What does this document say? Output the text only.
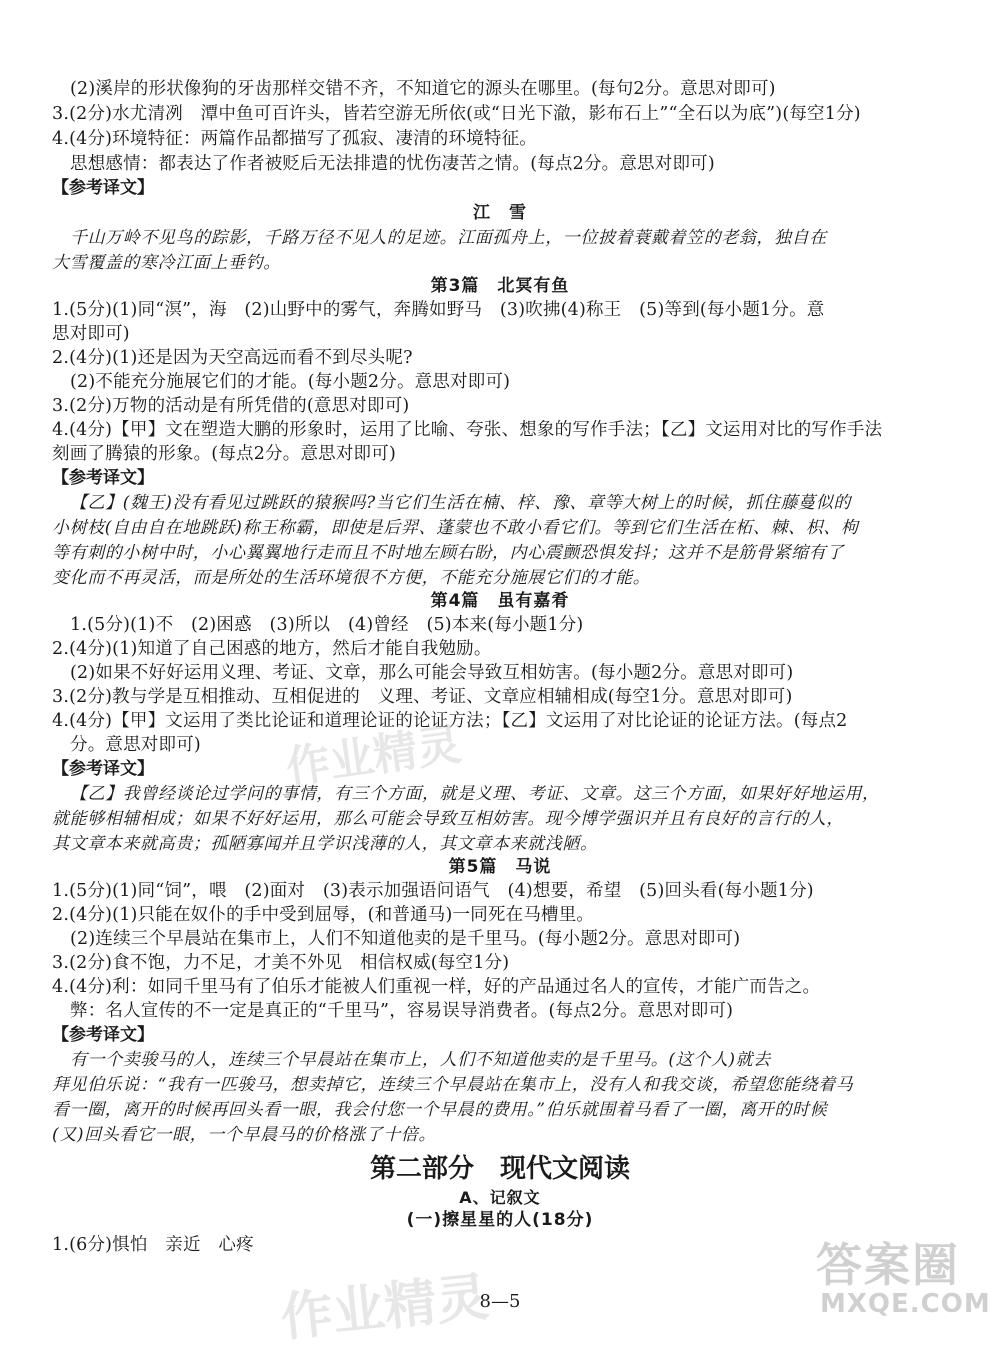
(2)溪岸的形状像狗的牙齿那样交错不齐，不知道它的源头在哪里。(每句2分。意思对即可)
3.(2分)水尤清冽　潭中鱼可百许头，皆若空游无所依(或“日光下澈，影布石上”“全石以为底”)(每空1分)
4.(4分)环境特征：两篇作品都描写了孤寂、凄清的环境特征。
思想感情：都表达了作者被贬后无法排遣的忧伤凄苦之情。(每点2分。意思对即可)
【参考译文】
江　雪
千山万岭不见鸟的踪影，千路万径不见人的足迹。江面孤舟上，一位披着蓑戴着笠的老翁，独自在
大雪覆盖的寒冷江面上垂钓。
第3篇　北冥有鱼
1.(5分)(1)同“溟”，海　(2)山野中的雾气，奔腾如野马　(3)吹拂(4)称王　(5)等到(每小题1分。意
思对即可)
2.(4分)(1)还是因为天空高远而看不到尽头呢?
(2)不能充分施展它们的才能。(每小题2分。意思对即可)
3.(2分)万物的活动是有所凭借的(意思对即可)
4.(4分)【甲】文在塑造大鹏的形象时，运用了比喻、夸张、想象的写作手法；【乙】文运用对比的写作手法
刻画了腾猿的形象。(每点2分。意思对即可)
【参考译文】
【乙】(魏王)没有看见过跳跃的猿猴吗?当它们生活在楠、梓、豫、章等大树上的时候，抓住藤蔓似的
小树枝(自由自在地跳跃)称王称霸，即使是后羿、蓬蒙也不敢小看它们。等到它们生活在柘、棘、枳、枸
等有刺的小树中时，小心翼翼地行走而且不时地左顾右盼，内心震颤恐惧发抖；这并不是筋骨紧缩有了
变化而不再灵活，而是所处的生活环境很不方便，不能充分施展它们的才能。
第4篇　虽有嘉肴
1.(5分)(1)不　(2)困惑　(3)所以　(4)曾经　(5)本来(每小题1分)
2.(4分)(1)知道了自己困惑的地方，然后才能自我勉励。
(2)如果不好好运用义理、考证、文章，那么可能会导致互相妨害。(每小题2分。意思对即可)
3.(2分)教与学是互相推动、互相促进的　义理、考证、文章应相辅相成(每空1分。意思对即可)
4.(4分)【甲】文运用了类比论证和道理论证的论证方法；【乙】文运用了对比论证的论证方法。(每点2
分。意思对即可)
【参考译文】
【乙】我曾经谈论过学问的事情，有三个方面，就是义理、考证、文章。这三个方面，如果好好地运用，
就能够相辅相成；如果不好好运用，那么可能会导致互相妨害。现今博学强识并且有良好的言行的人，
其文章本来就高贵；孤陋寡闻并且学识浅薄的人，其文章本来就浅陋。
第5篇　马说
1.(5分)(1)同“饲”，喂　(2)面对　(3)表示加强语问语气　(4)想要，希望　(5)回头看(每小题1分)
2.(4分)(1)只能在奴仆的手中受到屈辱，(和普通马)一同死在马槽里。
(2)连续三个早晨站在集市上，人们不知道他卖的是千里马。(每小题2分。意思对即可)
3.(2分)食不饱，力不足，才美不外见　相信权威(每空1分)
4.(4分)利：如同千里马有了伯乐才能被人们重视一样，好的产品通过名人的宣传，才能广而告之。
弊：名人宣传的不一定是真正的“千里马”，容易误导消费者。(每点2分。意思对即可)
【参考译文】
有一个卖骏马的人，连续三个早晨站在集市上，人们不知道他卖的是千里马。(这个人)就去
拜见伯乐说：“我有一匹骏马，想卖掉它，连续三个早晨站在集市上，没有人和我交谈，希望您能绕着马
看一圈，离开的时候再回头看一眼，我会付您一个早晨的费用。”伯乐就围着马看了一圈，离开的时候
(又)回头看它一眼，一个早晨马的价格涨了十倍。
第二部分　现代文阅读
A、记叙文
(一)擦星星的人(18分)
1.(6分)惧怕　亲近　心疼
8—5
作业精灵
作业精灵
答案圈
MXQE.COM
